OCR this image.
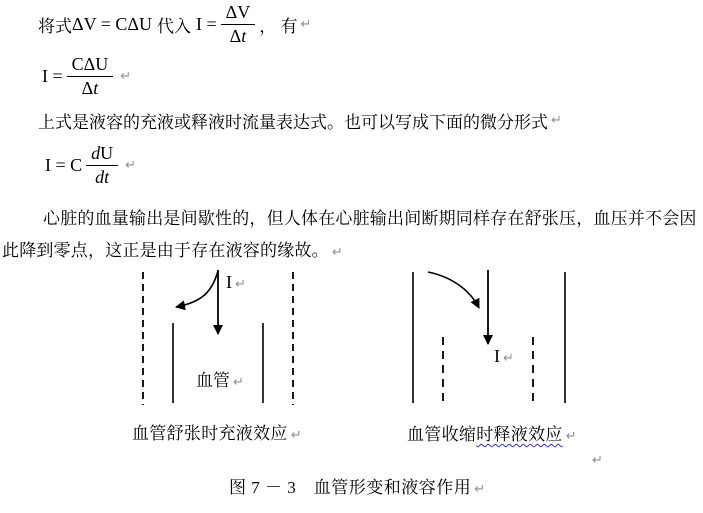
将式 ΔV = CΔU 代入 $I = \frac{\Delta V}{\Delta t}$ ， 有 ↵
$I = \frac{\text{CΔU}}{\Delta t}$ ↵
上式是液容的充液或释液时流量表达式。也可以写成下面的微分形式 ↵
I = C $\frac{dU}{dt}$ ↵
心脏的血量输出是间歇性的，但人体在心脏输出间断期同样存在舒张压，血压并不会因此降到零点，这正是由于存在液容的缘故。 ↵
I ↵
血管 ↵
I ↵
血管舒张时充液效应 ↵	血管收缩时释液效应 ↵
↵
图 7 － 3　血管形变和液容作用 ↵
